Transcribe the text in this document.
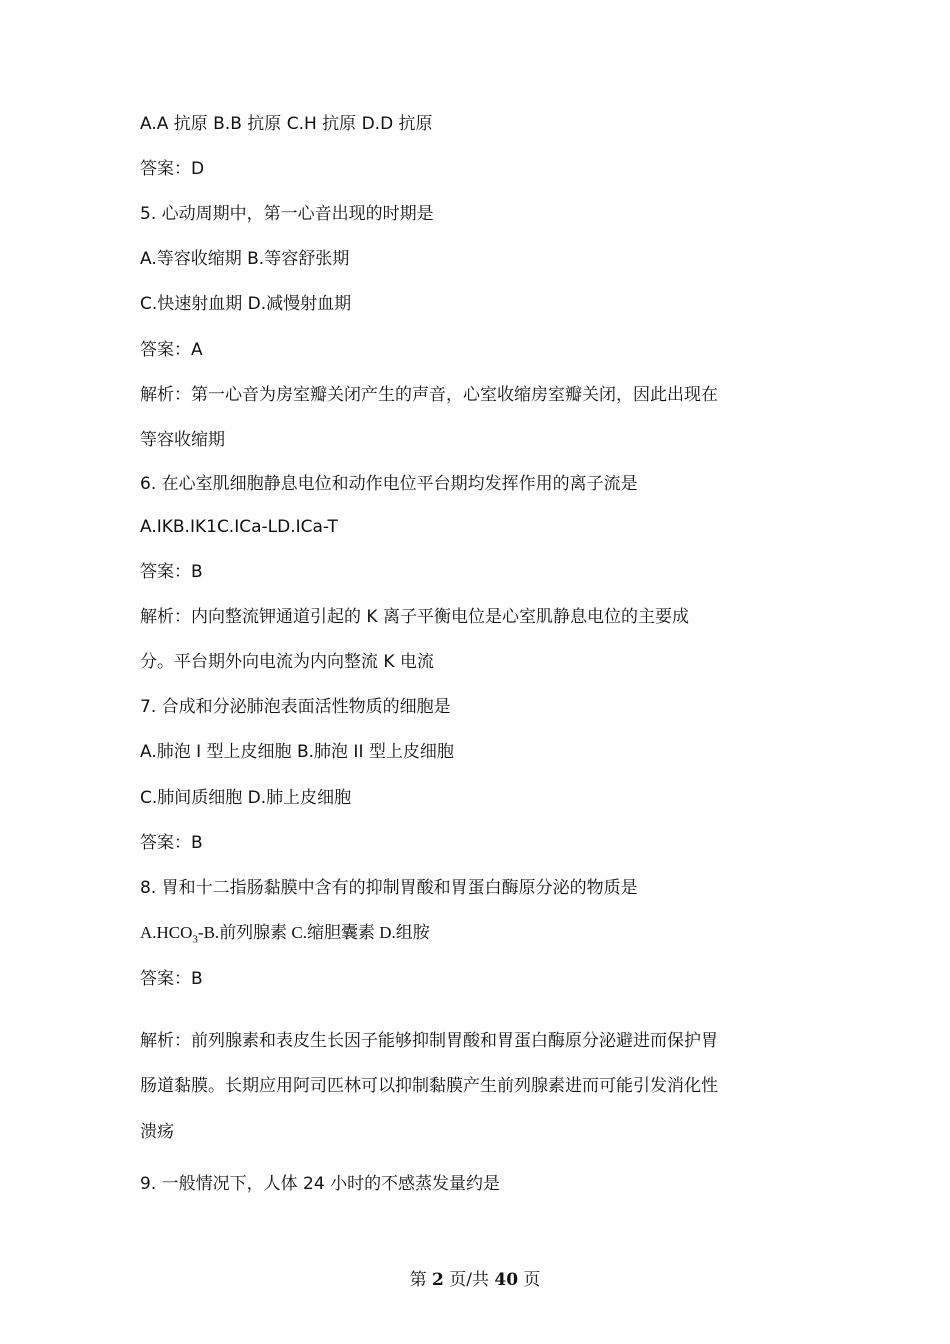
A.A 抗原 B.B 抗原 C.H 抗原 D.D 抗原
答案：D
5. 心动周期中，第一心音出现的时期是
A.等容收缩期 B.等容舒张期
C.快速射血期 D.减慢射血期
答案：A
解析：第一心音为房室瓣关闭产生的声音，心室收缩房室瓣关闭，因此出现在
等容收缩期
6. 在心室肌细胞静息电位和动作电位平台期均发挥作用的离子流是
A.IKB.IK1C.ICa-LD.ICa-T
答案：B
解析：内向整流钾通道引起的 K 离子平衡电位是心室肌静息电位的主要成
分。平台期外向电流为内向整流 K 电流
7. 合成和分泌肺泡表面活性物质的细胞是
A.肺泡 I 型上皮细胞 B.肺泡 II 型上皮细胞
C.肺间质细胞 D.肺上皮细胞
答案：B
8. 胃和十二指肠黏膜中含有的抑制胃酸和胃蛋白酶原分泌的物质是
$A.HCO_3-B$.前列腺素 C.缩胆囊素 D.组胺
答案：B
解析：前列腺素和表皮生长因子能够抑制胃酸和胃蛋白酶原分泌避进而保护胃
肠道黏膜。长期应用阿司匹林可以抑制黏膜产生前列腺素进而可能引发消化性
溃疡
9. 一般情况下，人体 24 小时的不感蒸发量约是
第 2 页/共 40 页
